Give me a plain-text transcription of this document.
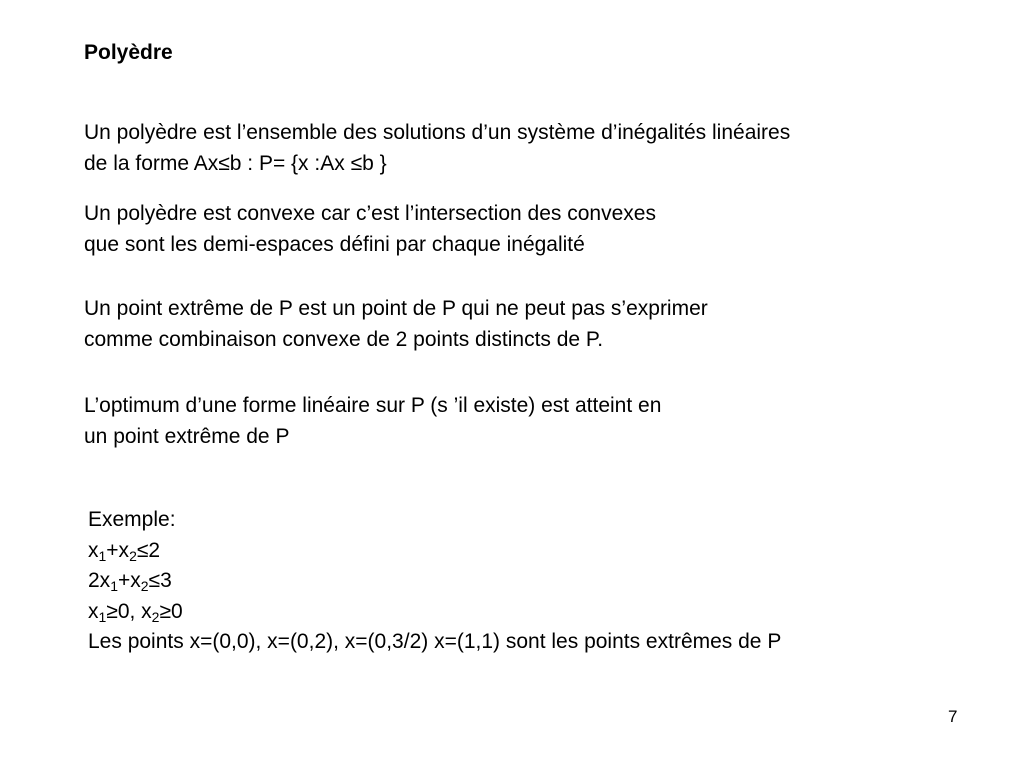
Polyèdre
Un polyèdre est l’ensemble des solutions d’un système d’inégalités linéaires
de la forme Ax≤b : P= {x :Ax ≤b }
Un polyèdre est convexe car c’est l’intersection des convexes
que sont les demi-espaces défini par chaque inégalité
Un point extrême de P est un point de P qui ne peut pas s’exprimer
comme combinaison convexe de 2 points distincts de P.
L’optimum d’une forme linéaire sur P (s ’il existe) est atteint en
un point extrême de P
Exemple:
$x_1+x_2\le 2$
$2x_1+x_2\le 3$
$x_1\ge 0$, $x_2\ge 0$
Les points x=(0,0), x=(0,2), x=(0,3/2) x=(1,1) sont les points extrêmes de P
7
